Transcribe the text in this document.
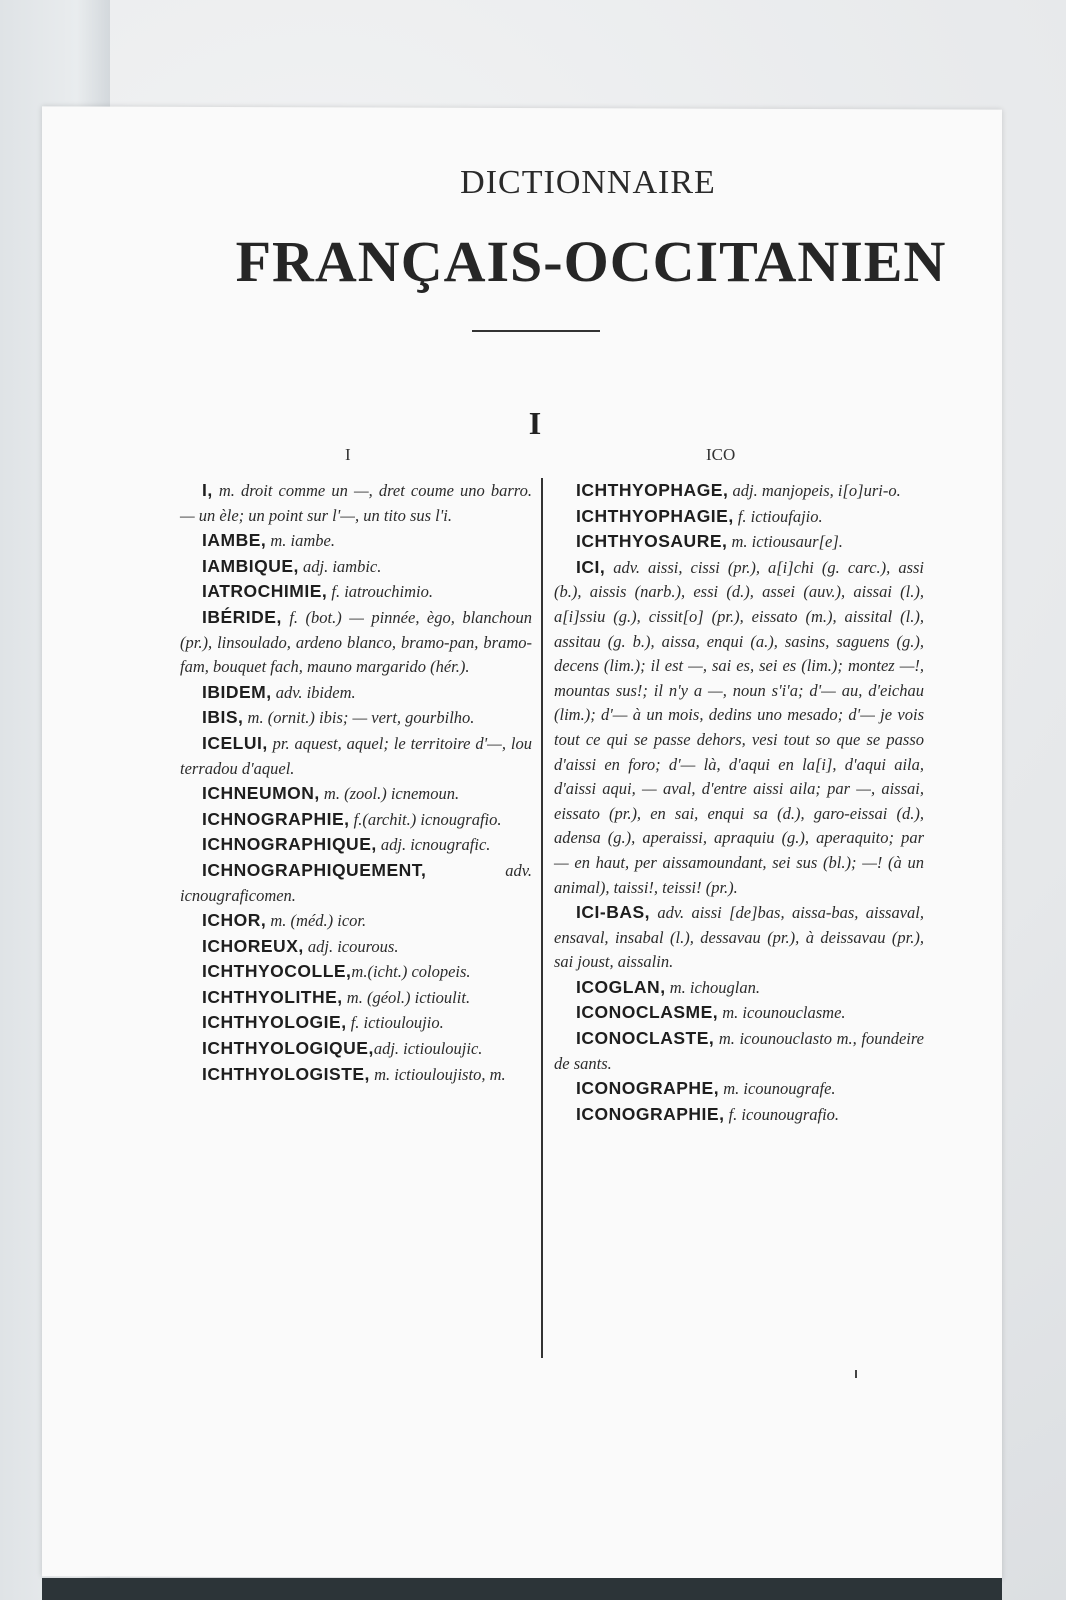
DICTIONNAIRE
FRANÇAIS-OCCITANIEN
I
I	ICO

I, m. droit comme un —, dret coume uno barro. — un èle; un point sur l'—, un tito sus l'i.

IAMBE, m. iambe.

IAMBIQUE, adj. iambic.

IATROCHIMIE, f. iatrouchimio.

IBÉRIDE, f. (bot.) — pinnée, ègo, blanchoun (pr.), linsoulado, ardeno blanco, bramo-pan, bramo-fam, bouquet fach, mauno margarido (hér.).

IBIDEM, adv. ibidem.

IBIS, m. (ornit.) ibis; — vert, gourbilho.

ICELUI, pr. aquest, aquel; le territoire d'—, lou terradou d'aquel.

ICHNEUMON, m. (zool.) icnemoun.

ICHNOGRAPHIE, f.(archit.) icnougrafio.

ICHNOGRAPHIQUE, adj. icnougrafic.

ICHNOGRAPHIQUEMENT, adv. icnougraficomen.

ICHOR, m. (méd.) icor.

ICHOREUX, adj. icourous.

ICHTHYOCOLLE,m.(icht.) colopeis.

ICHTHYOLITHE, m. (géol.) ictioulit.

ICHTHYOLOGIE, f. ictiouloujio.

ICHTHYOLOGIQUE,adj. ictiouloujic.

ICHTHYOLOGISTE, m. ictiouloujisto, m.

ICHTHYOPHAGE, adj. manjopeis, i[o]uri-o.

ICHTHYOPHAGIE, f. ictioufajio.

ICHTHYOSAURE, m. ictiousaur[e].

ICI, adv. aissi, cissi (pr.), a[i]chi (g. carc.), assi (b.), aissis (narb.), essi (d.), assei (auv.), aissai (l.), a[i]ssiu (g.), cissit[o] (pr.), eissato (m.), aissital (l.), assitau (g. b.), aissa, enqui (a.), sasins, saguens (g.), decens (lim.); il est —, sai es, sei es (lim.); montez —!, mountas sus!; il n'y a —, noun s'i'a; d'— au, d'eichau (lim.); d'— à un mois, dedins uno mesado; d'— je vois tout ce qui se passe dehors, vesi tout so que se passo d'aissi en foro; d'— là, d'aqui en la[i], d'aqui aila, d'aissi aqui, — aval, d'entre aissi aila; par —, aissai, eissato (pr.), en sai, enqui sa (d.), garo-eissai (d.), adensa (g.), aperaissi, apraquiu (g.), aperaquito; par — en haut, per aissamoundant, sei sus (bl.); —! (à un animal), taissi!, teissi! (pr.).

ICI-BAS, adv. aissi [de]bas, aissa-bas, aissaval, ensaval, insabal (l.), dessavau (pr.), à deissavau (pr.), sai joust, aissalin.

ICOGLAN, m. ichouglan.

ICONOCLASME, m. icounouclasme.

ICONOCLASTE, m. icounouclasto m., foundeire de sants.

ICONOGRAPHE, m. icounougrafe.

ICONOGRAPHIE, f. icounougrafio.
